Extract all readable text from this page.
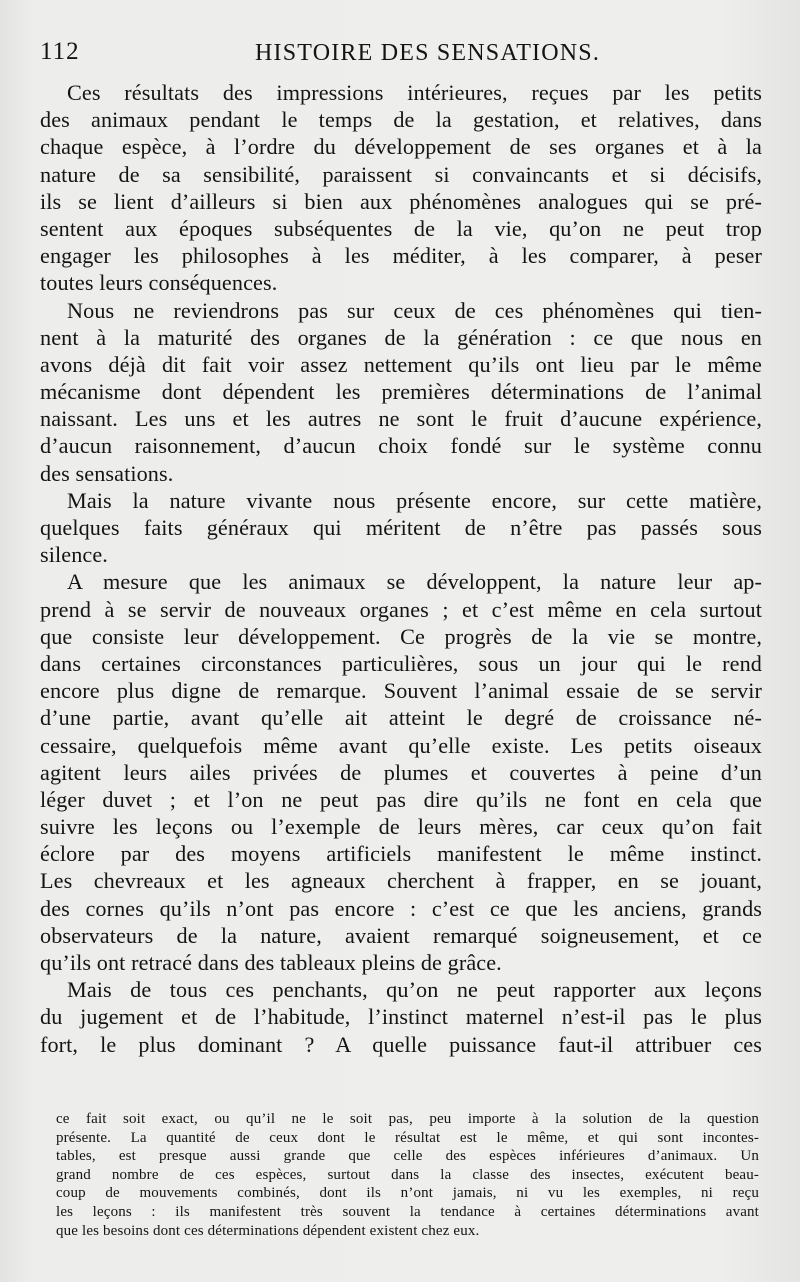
112	HISTOIRE DES SENSATIONS.
Ces résultats des impressions intérieures, reçues par les petits
des animaux pendant le temps de la gestation, et relatives, dans
chaque espèce, à l’ordre du développement de ses organes et à la
nature de sa sensibilité, paraissent si convaincants et si décisifs,
ils se lient d’ailleurs si bien aux phénomènes analogues qui se pré-
sentent aux époques subséquentes de la vie, qu’on ne peut trop
engager les philosophes à les méditer, à les comparer, à peser
toutes leurs conséquences.
Nous ne reviendrons pas sur ceux de ces phénomènes qui tien-
nent à la maturité des organes de la génération : ce que nous en
avons déjà dit fait voir assez nettement qu’ils ont lieu par le même
mécanisme dont dépendent les premières déterminations de l’animal
naissant. Les uns et les autres ne sont le fruit d’aucune expérience,
d’aucun raisonnement, d’aucun choix fondé sur le système connu
des sensations.
Mais la nature vivante nous présente encore, sur cette matière,
quelques faits généraux qui méritent de n’être pas passés sous
silence.
A mesure que les animaux se développent, la nature leur ap-
prend à se servir de nouveaux organes ; et c’est même en cela surtout
que consiste leur développement. Ce progrès de la vie se montre,
dans certaines circonstances particulières, sous un jour qui le rend
encore plus digne de remarque. Souvent l’animal essaie de se servir
d’une partie, avant qu’elle ait atteint le degré de croissance né-
cessaire, quelquefois même avant qu’elle existe. Les petits oiseaux
agitent leurs ailes privées de plumes et couvertes à peine d’un
léger duvet ; et l’on ne peut pas dire qu’ils ne font en cela que
suivre les leçons ou l’exemple de leurs mères, car ceux qu’on fait
éclore par des moyens artificiels manifestent le même instinct.
Les chevreaux et les agneaux cherchent à frapper, en se jouant,
des cornes qu’ils n’ont pas encore : c’est ce que les anciens, grands
observateurs de la nature, avaient remarqué soigneusement, et ce
qu’ils ont retracé dans des tableaux pleins de grâce.
Mais de tous ces penchants, qu’on ne peut rapporter aux leçons
du jugement et de l’habitude, l’instinct maternel n’est-il pas le plus
fort, le plus dominant ? A quelle puissance faut-il attribuer ces
ce fait soit exact, ou qu’il ne le soit pas, peu importe à la solution de la question
présente. La quantité de ceux dont le résultat est le même, et qui sont incontes-
tables, est presque aussi grande que celle des espèces inférieures d’animaux. Un
grand nombre de ces espèces, surtout dans la classe des insectes, exécutent beau-
coup de mouvements combinés, dont ils n’ont jamais, ni vu les exemples, ni reçu
les leçons : ils manifestent très souvent la tendance à certaines déterminations avant
que les besoins dont ces déterminations dépendent existent chez eux.
